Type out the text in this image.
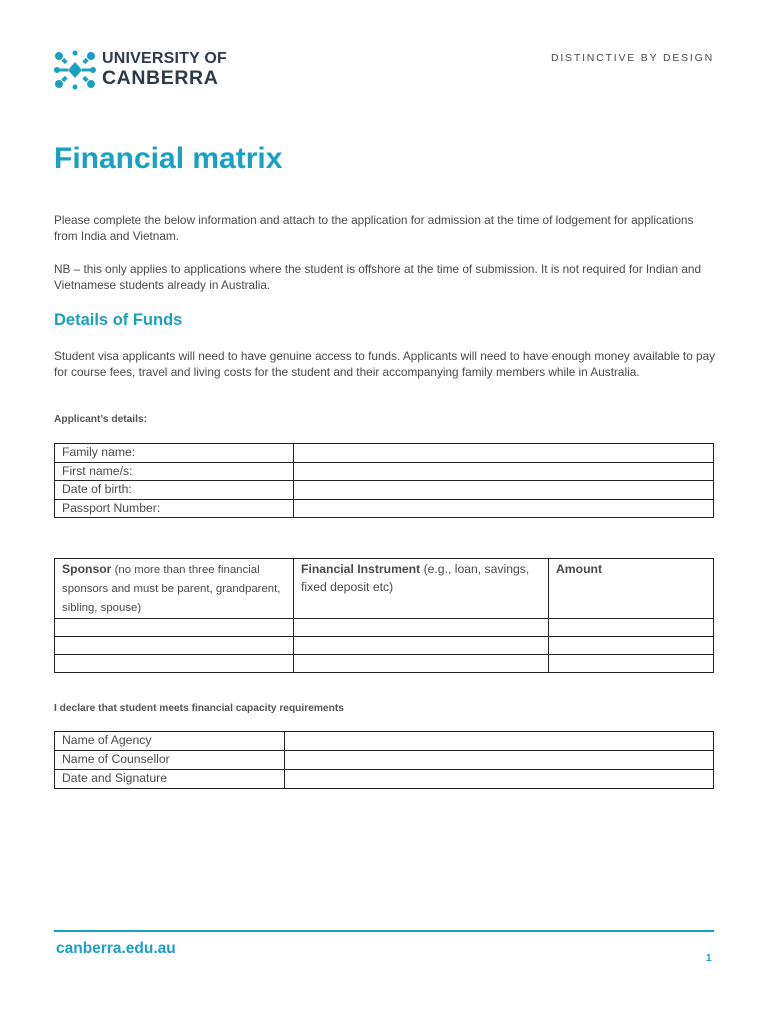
UNIVERSITY OF
CANBERRA
DISTINCTIVE BY DESIGN
Financial matrix

Please complete the below information and attach to the application for admission at the time of lodgement for applications from India and Vietnam.

NB – this only applies to applications where the student is offshore at the time of submission. It is not required for Indian and Vietnamese students already in Australia.

Details of Funds

Student visa applicants will need to have genuine access to funds. Applicants will need to have enough money available to pay for course fees, travel and living costs for the student and their accompanying family members while in Australia.

Applicant’s details:
Family name:	
First name/s:	
Date of birth:	
Passport Number:	
Sponsor (no more than three financial sponsors and must be parent, grandparent, sibling, spouse)	Financial Instrument (e.g., loan, savings, fixed deposit etc)	Amount

I declare that student meets financial capacity requirements
Name of Agency	
Name of Counsellor	
Date and Signature	
canberra.edu.au
1
